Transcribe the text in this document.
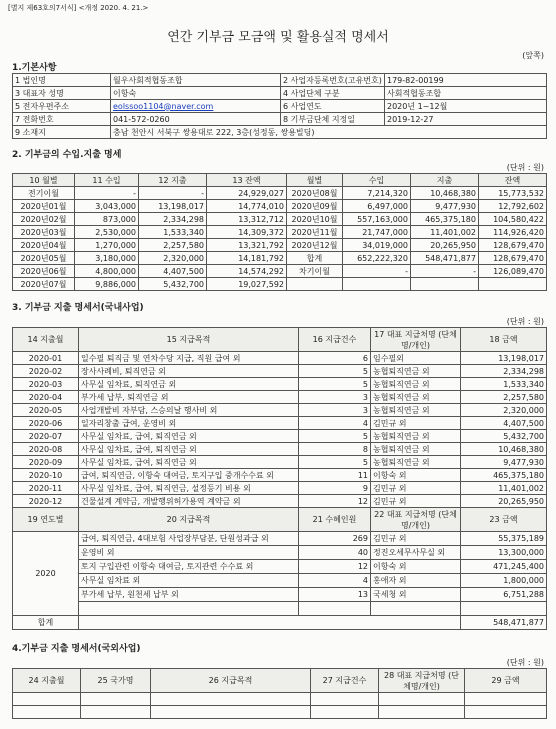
[별지 제63호의7서식] <개정 2020. 4. 21.>
연간 기부금 모금액 및 활용실적 명세서
(앞쪽)
1.기본사항
1 법인명	월우사회적협동조합	2 사업자등록번호(고유번호)	179-82-00199
3 대표자 성명	이항숙	4 사업단체 구분	사회적협동조합
5 전자우편주소	eolssoo1104@naver.com	6 사업연도	2020년 1~12월
7 전화번호	041-572-0260	8 기부금단체 지정일	2019-12-27
9 소재지	충남 천안시 서북구 쌍용대로 222, 3층(성정동, 쌍용빌딩)		
2. 기부금의 수입.지출 명세
(단위 : 원)
10 월별	11 수입	12 지출	13 잔액	월별	수입	지출	잔액
전기이월	-	-	24,929,027	2020년08월	7,214,320	10,468,380	15,773,532
2020년01월	3,043,000	13,198,017	14,774,010	2020년09월	6,497,000	9,477,930	12,792,602
2020년02월	873,000	2,334,298	13,312,712	2020년10월	557,163,000	465,375,180	104,580,422
2020년03월	2,530,000	1,533,340	14,309,372	2020년11월	21,747,000	11,401,002	114,926,420
2020년04월	1,270,000	2,257,580	13,321,792	2020년12월	34,019,000	20,265,950	128,679,470
2020년05월	3,180,000	2,320,000	14,181,792	합계	652,222,320	548,471,877	128,679,470
2020년06월	4,800,000	4,407,500	14,574,292	차기이월	-	-	126,089,470
2020년07월	9,886,000	5,432,700	19,027,592				
3. 기부금 지출 명세서(국내사업)
(단위 : 원)
14 지출월	15 지급목적	16 지급건수	17 대표 지급처명 (단체명/개인)	18 금액
2020-01	일수필 퇴직금 및 연차수당 지급, 직원 급여 외	6	임수필외	13,198,017
2020-02	장사사례비, 퇴직연금 외	5	농협퇴직연금 외	2,334,298
2020-03	사무실 임차료, 퇴직연금 외	5	농협퇴직연금 외	1,533,340
2020-04	부가세 납부, 퇴직연금 외	3	농협퇴직연금 외	2,257,580
2020-05	사업개발비 자부담, 스승의날 행사비 외	3	농협퇴직연금 외	2,320,000
2020-06	일자리창출 급여, 운영비 외	4	김민규 외	4,407,500
2020-07	사무실 임차료, 급여, 퇴직연금 외	5	농협퇴직연금 외	5,432,700
2020-08	사무실 임차료, 급여, 퇴직연금 외	8	농협퇴직연금 외	10,468,380
2020-09	사무실 임차료, 급여, 퇴직연금 외	5	농협퇴직연금 외	9,477,930
2020-10	급여, 퇴직연금, 이항숙 대여금, 토지구입 중개수수료 외	11	이항숙 외	465,375,180
2020-11	사무실 임차료, 급여, 퇴직연금, 설정등기 비용 외	9	김민규 외	11,401,002
2020-12	건물설계 계약금, 개발행위허가용역 계약금 외	12	김민규 외	20,265,950
19 연도별	20 지급목적	21 수혜인원	22 대표 지급처명 (단체명/개인)	23 금액
2020	급여, 퇴직연금, 4대보험 사업장부담분, 단원성과급 외	269	김민규 외	55,375,189
	운영비 외	40	정진오세무사무실 외	13,300,000
	토지 구입관련 이항숙 대여금, 토지관련 수수료 외	12	이항숙 외	471,245,400
	사무실 임차료 외	4	홍애자 외	1,800,000
	부가세 납부, 원천세 납부 외	13	국세청 외	6,751,288

합계				548,471,877
4.기부금 지출 명세서(국외사업)
(단위 : 원)
24 지출월	25 국가명	26 지급목적	27 지급건수	28 대표 지급처명 (단체명/개인)	29 금액
